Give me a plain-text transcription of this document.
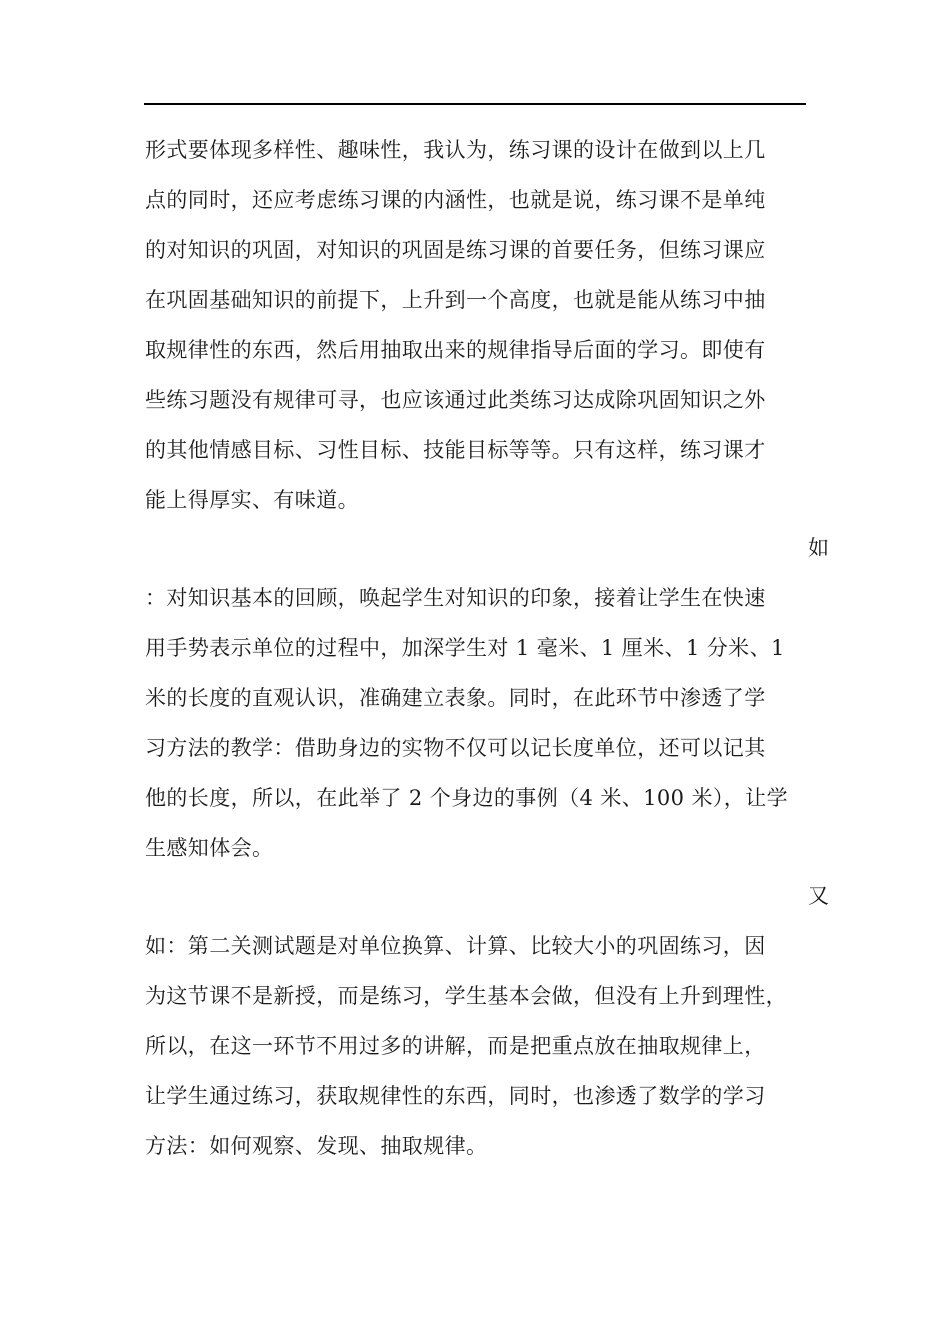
形式要体现多样性、趣味性，我认为，练习课的设计在做到以上几
点的同时，还应考虑练习课的内涵性，也就是说，练习课不是单纯
的对知识的巩固，对知识的巩固是练习课的首要任务，但练习课应
在巩固基础知识的前提下，上升到一个高度，也就是能从练习中抽
取规律性的东西，然后用抽取出来的规律指导后面的学习。即使有
些练习题没有规律可寻，也应该通过此类练习达成除巩固知识之外
的其他情感目标、习性目标、技能目标等等。只有这样，练习课才
能上得厚实、有味道。
如
：对知识基本的回顾，唤起学生对知识的印象，接着让学生在快速
用手势表示单位的过程中，加深学生对 1 毫米、1 厘米、1 分米、1
米的长度的直观认识，准确建立表象。同时，在此环节中渗透了学
习方法的教学：借助身边的实物不仅可以记长度单位，还可以记其
他的长度，所以，在此举了 2 个身边的事例（4 米、100 米），让学
生感知体会。
又
如：第二关测试题是对单位换算、计算、比较大小的巩固练习，因
为这节课不是新授，而是练习，学生基本会做，但没有上升到理性，
所以，在这一环节不用过多的讲解，而是把重点放在抽取规律上，
让学生通过练习，获取规律性的东西，同时，也渗透了数学的学习
方法：如何观察、发现、抽取规律。
